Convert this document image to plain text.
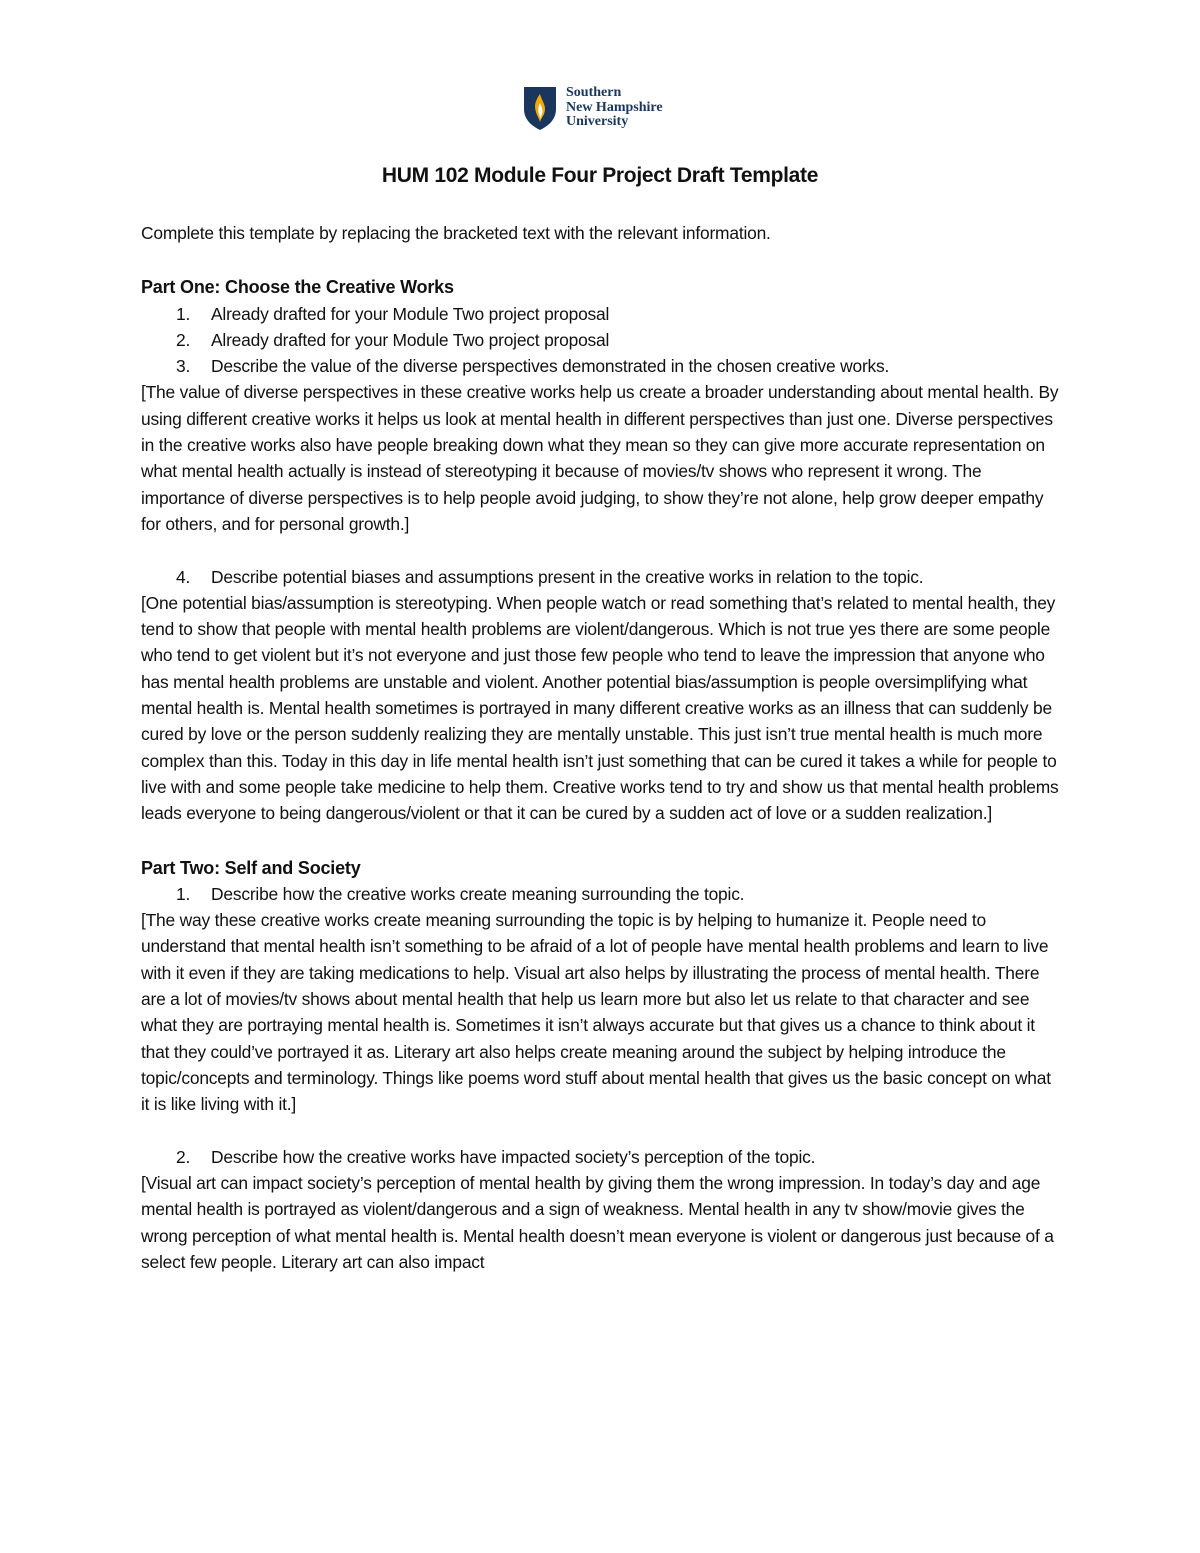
Southern
New Hampshire
University
HUM 102 Module Four Project Draft Template

Complete this template by replacing the bracketed text with the relevant information.

Part One: Choose the Creative Works

1. Already drafted for your Module Two project proposal
2. Already drafted for your Module Two project proposal
3. Describe the value of the diverse perspectives demonstrated in the chosen creative works.

[The value of diverse perspectives in these creative works help us create a broader understanding about mental health. By using different creative works it helps us look at mental health in different perspectives than just one. Diverse perspectives in the creative works also have people breaking down what they mean so they can give more accurate representation on what mental health actually is instead of stereotyping it because of movies/tv shows who represent it wrong. The importance of diverse perspectives is to help people avoid judging, to show they’re not alone, help grow deeper empathy for others, and for personal growth.]

4. Describe potential biases and assumptions present in the creative works in relation to the topic.

[One potential bias/assumption is stereotyping. When people watch or read something that’s related to mental health, they tend to show that people with mental health problems are violent/dangerous. Which is not true yes there are some people who tend to get violent but it’s not everyone and just those few people who tend to leave the impression that anyone who has mental health problems are unstable and violent. Another potential bias/assumption is people oversimplifying what mental health is. Mental health sometimes is portrayed in many different creative works as an illness that can suddenly be cured by love or the person suddenly realizing they are mentally unstable. This just isn’t true mental health is much more complex than this. Today in this day in life mental health isn’t just something that can be cured it takes a while for people to live with and some people take medicine to help them. Creative works tend to try and show us that mental health problems leads everyone to being dangerous/violent or that it can be cured by a sudden act of love or a sudden realization.]

Part Two: Self and Society

1. Describe how the creative works create meaning surrounding the topic.

[The way these creative works create meaning surrounding the topic is by helping to humanize it. People need to understand that mental health isn’t something to be afraid of a lot of people have mental health problems and learn to live with it even if they are taking medications to help. Visual art also helps by illustrating the process of mental health. There are a lot of movies/tv shows about mental health that help us learn more but also let us relate to that character and see what they are portraying mental health is. Sometimes it isn’t always accurate but that gives us a chance to think about it that they could’ve portrayed it as. Literary art also helps create meaning around the subject by helping introduce the topic/concepts and terminology. Things like poems word stuff about mental health that gives us the basic concept on what it is like living with it.]

2. Describe how the creative works have impacted society’s perception of the topic.

[Visual art can impact society’s perception of mental health by giving them the wrong impression. In today’s day and age mental health is portrayed as violent/dangerous and a sign of weakness. Mental health in any tv show/movie gives the wrong perception of what mental health is. Mental health doesn’t mean everyone is violent or dangerous just because of a select few people. Literary art can also impact
